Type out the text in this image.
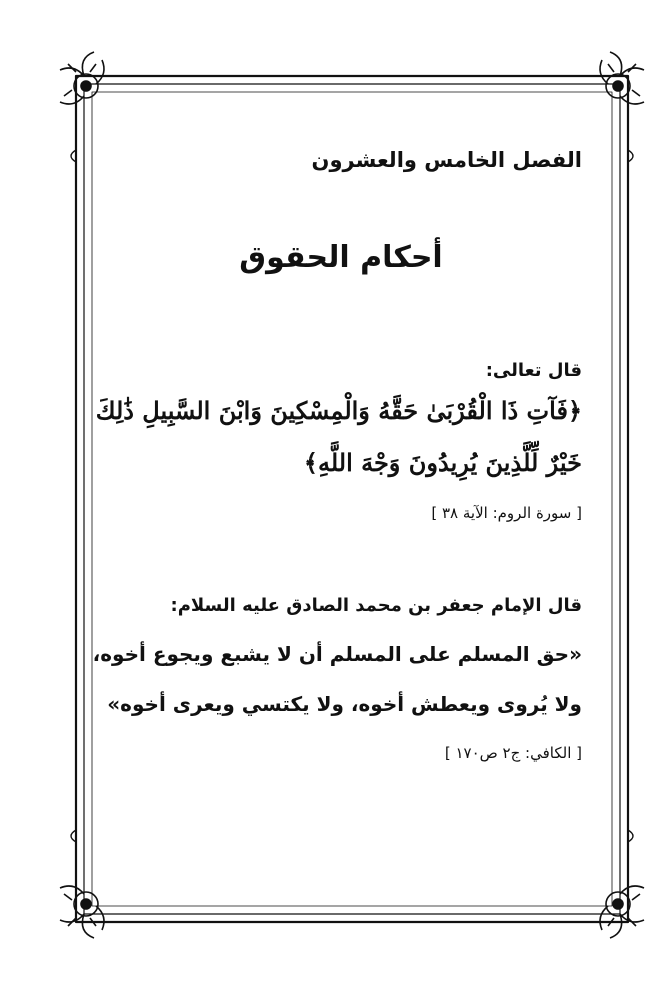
الفصل الخامس والعشرون
أحكام الحقوق
قال تعالى:
﴿فَآتِ ذَا الْقُرْبَىٰ حَقَّهُ وَالْمِسْكِينَ وَابْنَ السَّبِيلِ ذَٰلِكَ
خَيْرٌ لِّلَّذِينَ يُرِيدُونَ وَجْهَ اللَّهِ﴾
[ سورة الروم: الآية ٣٨ ]
قال الإمام جعفر بن محمد الصادق عليه السلام:
«حق المسلم على المسلم أن لا يشبع ويجوع أخوه،
ولا يُروى ويعطش أخوه، ولا يكتسي ويعرى أخوه»
[ الكافي: ج٢ ص١٧٠ ]
